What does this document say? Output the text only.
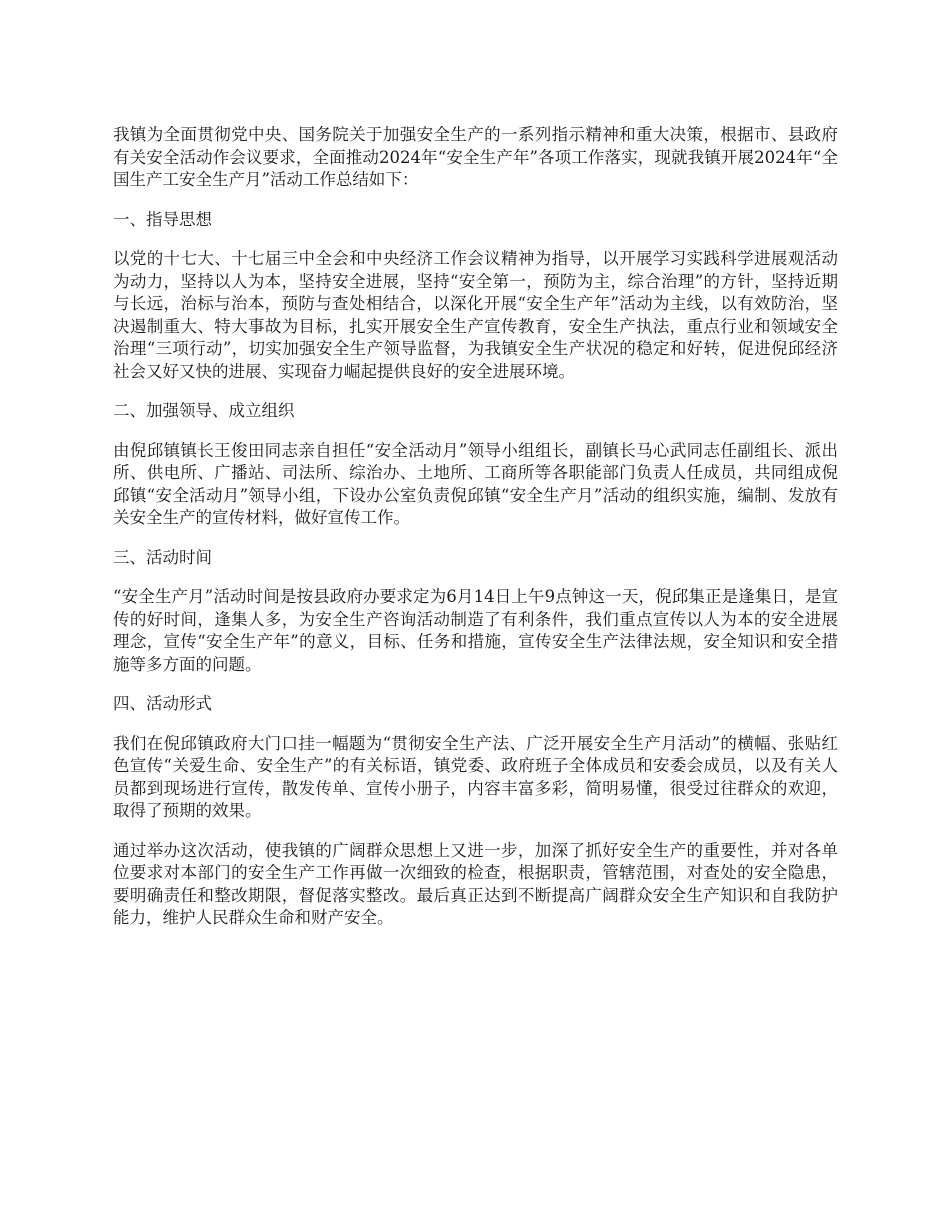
我镇为全面贯彻党中央、国务院关于加强安全生产的一系列指示精神和重大决策，根据市、县政府有关安全活动作会议要求，全面推动2024年“安全生产年”各项工作落实，现就我镇开展2024年“全国生产工安全生产月”活动工作总结如下：

一、指导思想

以党的十七大、十七届三中全会和中央经济工作会议精神为指导，以开展学习实践科学进展观活动为动力，坚持以人为本，坚持安全进展，坚持“安全第一，预防为主，综合治理”的方针，坚持近期与长远，治标与治本，预防与查处相结合，以深化开展“安全生产年”活动为主线，以有效防治，坚决遏制重大、特大事故为目标，扎实开展安全生产宣传教育，安全生产执法，重点行业和领域安全治理“三项行动”，切实加强安全生产领导监督，为我镇安全生产状况的稳定和好转，促进倪邱经济社会又好又快的进展、实现奋力崛起提供良好的安全进展环境。

二、加强领导、成立组织

由倪邱镇镇长王俊田同志亲自担任“安全活动月”领导小组组长，副镇长马心武同志任副组长、派出所、供电所、广播站、司法所、综治办、土地所、工商所等各职能部门负责人任成员，共同组成倪邱镇“安全活动月”领导小组，下设办公室负责倪邱镇“安全生产月”活动的组织实施，编制、发放有关安全生产的宣传材料，做好宣传工作。

三、活动时间

“安全生产月”活动时间是按县政府办要求定为6月14日上午9点钟这一天，倪邱集正是逢集日，是宣传的好时间，逢集人多，为安全生产咨询活动制造了有利条件，我们重点宣传以人为本的安全进展理念，宣传“安全生产年”的意义，目标、任务和措施，宣传安全生产法律法规，安全知识和安全措施等多方面的问题。

四、活动形式

我们在倪邱镇政府大门口挂一幅题为“贯彻安全生产法、广泛开展安全生产月活动”的横幅、张贴红色宣传“关爱生命、安全生产”的有关标语，镇党委、政府班子全体成员和安委会成员，以及有关人员都到现场进行宣传，散发传单、宣传小册子，内容丰富多彩，简明易懂，很受过往群众的欢迎，取得了预期的效果。

通过举办这次活动，使我镇的广阔群众思想上又进一步，加深了抓好安全生产的重要性，并对各单位要求对本部门的安全生产工作再做一次细致的检查，根据职责，管辖范围，对查处的安全隐患，要明确责任和整改期限，督促落实整改。最后真正达到不断提高广阔群众安全生产知识和自我防护能力，维护人民群众生命和财产安全。
